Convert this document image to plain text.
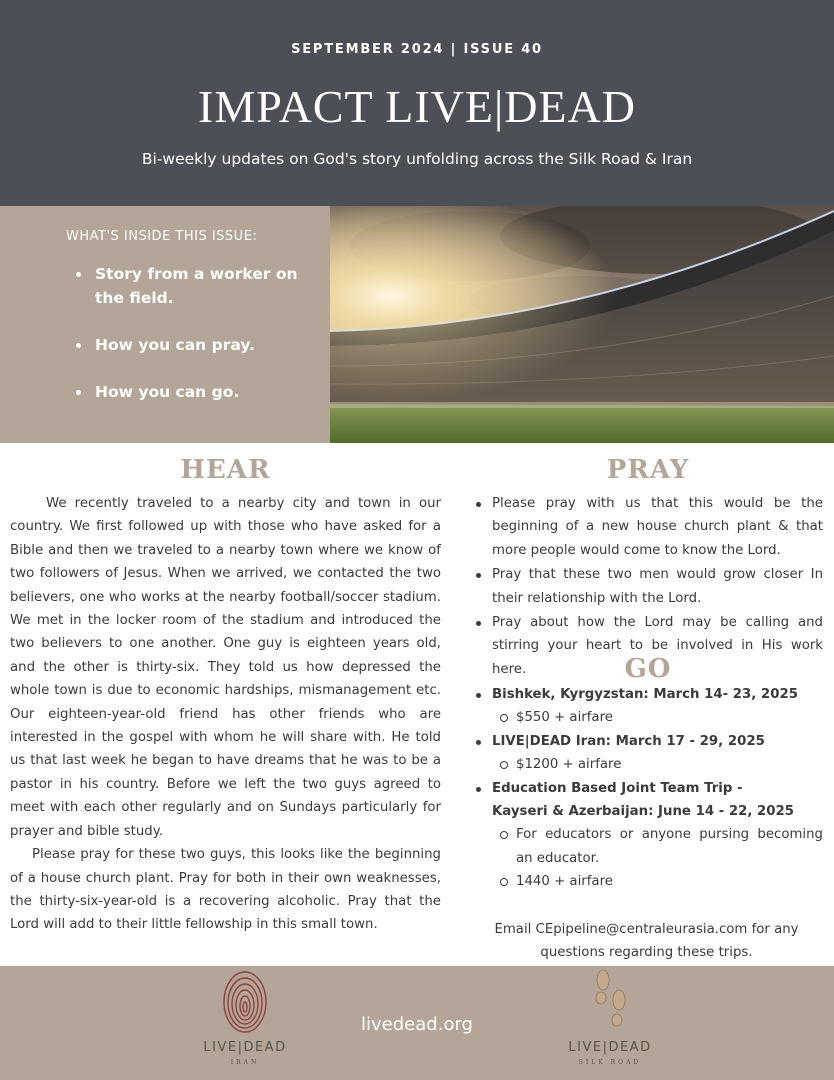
SEPTEMBER 2024 | ISSUE 40
IMPACT LIVE|DEAD
Bi-weekly updates on God's story unfolding across the Silk Road & Iran
WHAT'S INSIDE THIS ISSUE:
Story from a worker on the field.
How you can pray.
How you can go.
HEAR

We recently traveled to a nearby city and town in our country. We first followed up with those who have asked for a Bible and then we traveled to a nearby town where we know of two followers of Jesus. When we arrived, we contacted the two believers, one who works at the nearby football/soccer stadium. We met in the locker room of the stadium and introduced the two believers to one another. One guy is eighteen years old, and the other is thirty-six. They told us how depressed the whole town is due to economic hardships, mismanagement etc. Our eighteen-year-old friend has other friends who are interested in the gospel with whom he will share with. He told us that last week he began to have dreams that he was to be a pastor in his country. Before we left the two guys agreed to meet with each other regularly and on Sundays particularly for prayer and bible study.

Please pray for these two guys, this looks like the beginning of a house church plant. Pray for both in their own weaknesses, the thirty-six-year-old is a recovering alcoholic. Pray that the Lord will add to their little fellowship in this small town.

PRAY
Please pray with us that this would be the beginning of a new house church plant & that more people would come to know the Lord.
Pray that these two men would grow closer In their relationship with the Lord.
Pray about how the Lord may be calling and stirring your heart to be involved in His work here.	GO
Bishkek, Kyrgyzstan: March 14- 23, 2025
$550 + airfare
LIVE|DEAD Iran: March 17 - 29, 2025
$1200 + airfare
Education Based Joint Team Trip -
Kayseri & Azerbaijan: June 14 - 22, 2025
For educators or anyone pursing becoming an educator.
1440 + airfare
Email CEpipeline@centraleurasia.com for any questions regarding these trips.
LIVE|DEAD
IRAN
livedead.org
LIVE|DEAD
SILK ROAD
